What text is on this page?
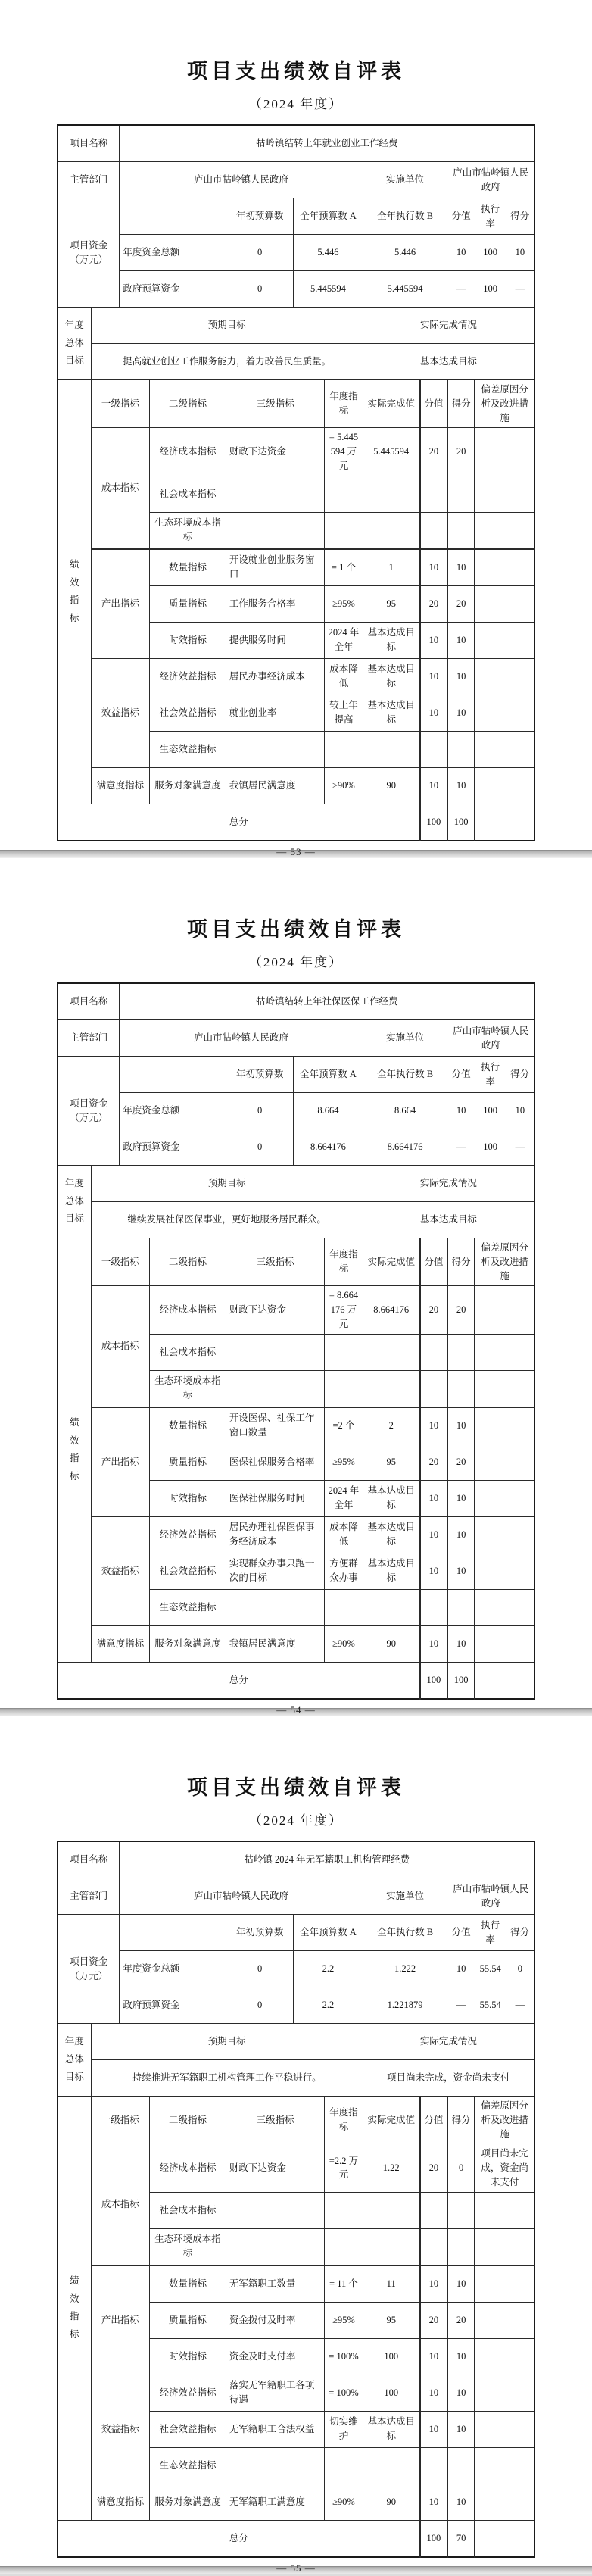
项目支出绩效自评表
（2024 年度）
项目名称		牯岭镇结转上年就业创业工作经费									
主管部门		庐山市牯岭镇人民政府					实施单位		庐山市牯岭镇人民政府		
项目资金（万元）				年初预算数	全年预算数 A		全年执行数 B		分值	执行率	得分
		年度资金总额		0	5.446		5.446		10	100	10
		政府预算资金		0	5.445594		5.445594		—	100	—
年度总体目标	预期目标						实际完成情况				
	提高就业创业工作服务能力，着力改善民生质量。						基本达成目标				
绩效指标	一级指标		二级指标	三级指标		年度指标	实际完成值	分值	得分	偏差原因分析及改进措施	
	成本指标		经济成本指标	财政下达资金		= 5.445594 万元	5.445594	20	20		
			社会成本指标								
			生态环境成本指标								
	产出指标		数量指标	开设就业创业服务窗口		= 1 个	1	10	10		
			质量指标	工作服务合格率		≥95%	95	20	20		
			时效指标	提供服务时间		2024 年全年	基本达成目标	10	10		
	效益指标		经济效益指标	居民办事经济成本		成本降低	基本达成目标	10	10		
			社会效益指标	就业创业率		较上年提高	基本达成目标	10	10		
			生态效益指标								
	满意度指标		服务对象满意度	我镇居民满意度		≥90%	90	10	10		
总分								100	100		
— 53 —
项目支出绩效自评表
（2024 年度）
项目名称		牯岭镇结转上年社保医保工作经费									
主管部门		庐山市牯岭镇人民政府					实施单位		庐山市牯岭镇人民政府		
项目资金（万元）				年初预算数	全年预算数 A		全年执行数 B		分值	执行率	得分
		年度资金总额		0	8.664		8.664		10	100	10
		政府预算资金		0	8.664176		8.664176		—	100	—
年度总体目标	预期目标						实际完成情况				
	继续发展社保医保事业，更好地服务居民群众。						基本达成目标				
绩效指标	一级指标		二级指标	三级指标		年度指标	实际完成值	分值	得分	偏差原因分析及改进措施	
	成本指标		经济成本指标	财政下达资金		= 8.664176 万元	8.664176	20	20		
			社会成本指标								
			生态环境成本指标								
	产出指标		数量指标	开设医保、社保工作窗口数量		=2 个	2	10	10		
			质量指标	医保社保服务合格率		≥95%	95	20	20		
			时效指标	医保社保服务时间		2024 年全年	基本达成目标	10	10		
	效益指标		经济效益指标	居民办理社保医保事务经济成本		成本降低	基本达成目标	10	10		
			社会效益指标	实现群众办事只跑一次的目标		方便群众办事	基本达成目标	10	10		
			生态效益指标								
	满意度指标		服务对象满意度	我镇居民满意度		≥90%	90	10	10		
总分								100	100		
— 54 —
项目支出绩效自评表
（2024 年度）
项目名称		牯岭镇 2024 年无军籍职工机构管理经费									
主管部门		庐山市牯岭镇人民政府					实施单位		庐山市牯岭镇人民政府		
项目资金（万元）				年初预算数	全年预算数 A		全年执行数 B		分值	执行率	得分
		年度资金总额		0	2.2		1.222		10	55.54	0
		政府预算资金		0	2.2		1.221879		—	55.54	—
年度总体目标	预期目标						实际完成情况				
	持续推进无军籍职工机构管理工作平稳进行。						项目尚未完成，资金尚未支付				
绩效指标	一级指标		二级指标	三级指标		年度指标	实际完成值	分值	得分	偏差原因分析及改进措施	
	成本指标		经济成本指标	财政下达资金		=2.2 万元	1.22	20	0	项目尚未完成，资金尚未支付	
			社会成本指标								
			生态环境成本指标								
	产出指标		数量指标	无军籍职工数量		= 11 个	11	10	10		
			质量指标	资金拨付及时率		≥95%	95	20	20		
			时效指标	资金及时支付率		= 100%	100	10	10		
	效益指标		经济效益指标	落实无军籍职工各项待遇		= 100%	100	10	10		
			社会效益指标	无军籍职工合法权益		切实维护	基本达成目标	10	10		
			生态效益指标								
	满意度指标		服务对象满意度	无军籍职工满意度		≥90%	90	10	10		
总分								100	70		
— 55 —
